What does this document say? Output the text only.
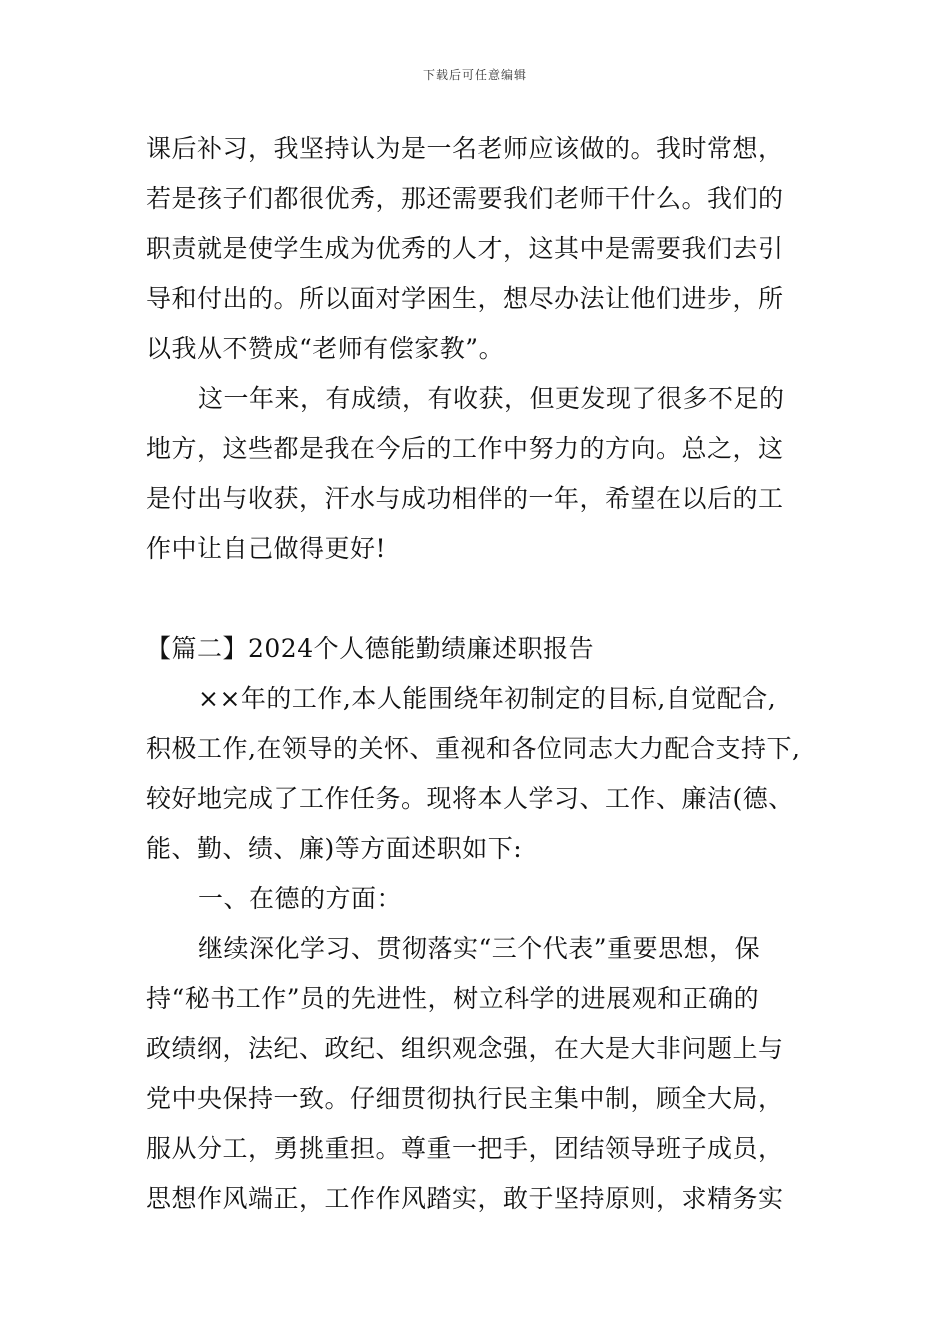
下载后可任意编辑
课后补习，我坚持认为是一名老师应该做的。我时常想，
若是孩子们都很优秀，那还需要我们老师干什么。我们的
职责就是使学生成为优秀的人才，这其中是需要我们去引
导和付出的。所以面对学困生，想尽办法让他们进步，所
以我从不赞成“老师有偿家教”。
这一年来，有成绩，有收获，但更发现了很多不足的
地方，这些都是我在今后的工作中努力的方向。总之，这
是付出与收获，汗水与成功相伴的一年，希望在以后的工
作中让自己做得更好!
【篇二】2024个人德能勤绩廉述职报告
××年的工作,本人能围绕年初制定的目标,自觉配合,
积极工作,在领导的关怀、重视和各位同志大力配合支持下,
较好地完成了工作任务。现将本人学习、工作、廉洁(德、
能、勤、绩、廉)等方面述职如下:
一、在德的方面：
继续深化学习、贯彻落实“三个代表”重要思想，保
持“秘书工作”员的先进性，树立科学的进展观和正确的
政绩纲，法纪、政纪、组织观念强，在大是大非问题上与
党中央保持一致。仔细贯彻执行民主集中制，顾全大局，
服从分工，勇挑重担。尊重一把手，团结领导班子成员，
思想作风端正，工作作风踏实，敢于坚持原则，求精务实
